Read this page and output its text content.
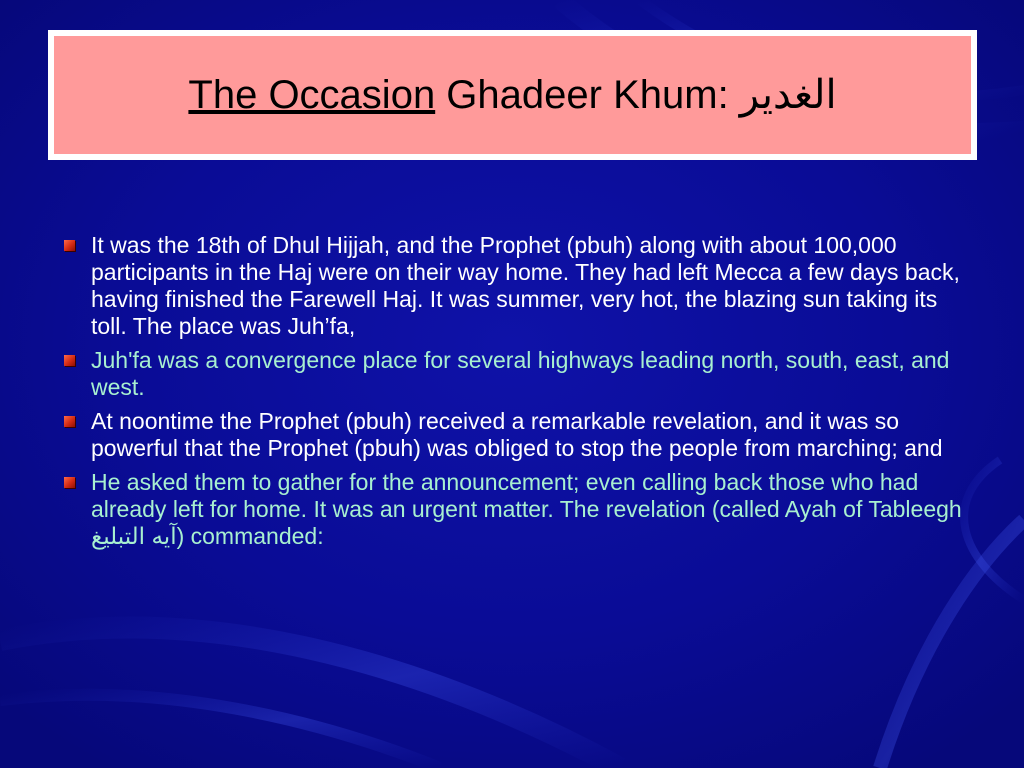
The Occasion Ghadeer Khum: الغدير
It was the 18th of Dhul Hijjah, and the Prophet (pbuh) along with about 100,000 participants in the Haj were on their way home. They had left Mecca a few days back, having finished the Farewell Haj. It was summer, very hot, the blazing sun taking its toll. The place was Juh’fa,
Juh'fa was a convergence place for several highways leading north, south, east, and west.
At noontime the Prophet (pbuh) received a remarkable revelation, and it was so powerful that the Prophet (pbuh) was obliged to stop the people from marching; and
He asked them to gather for the announcement; even calling back those who had already left for home. It was an urgent matter. The revelation (called Ayah of Tableegh آيه التبليغ) commanded:
